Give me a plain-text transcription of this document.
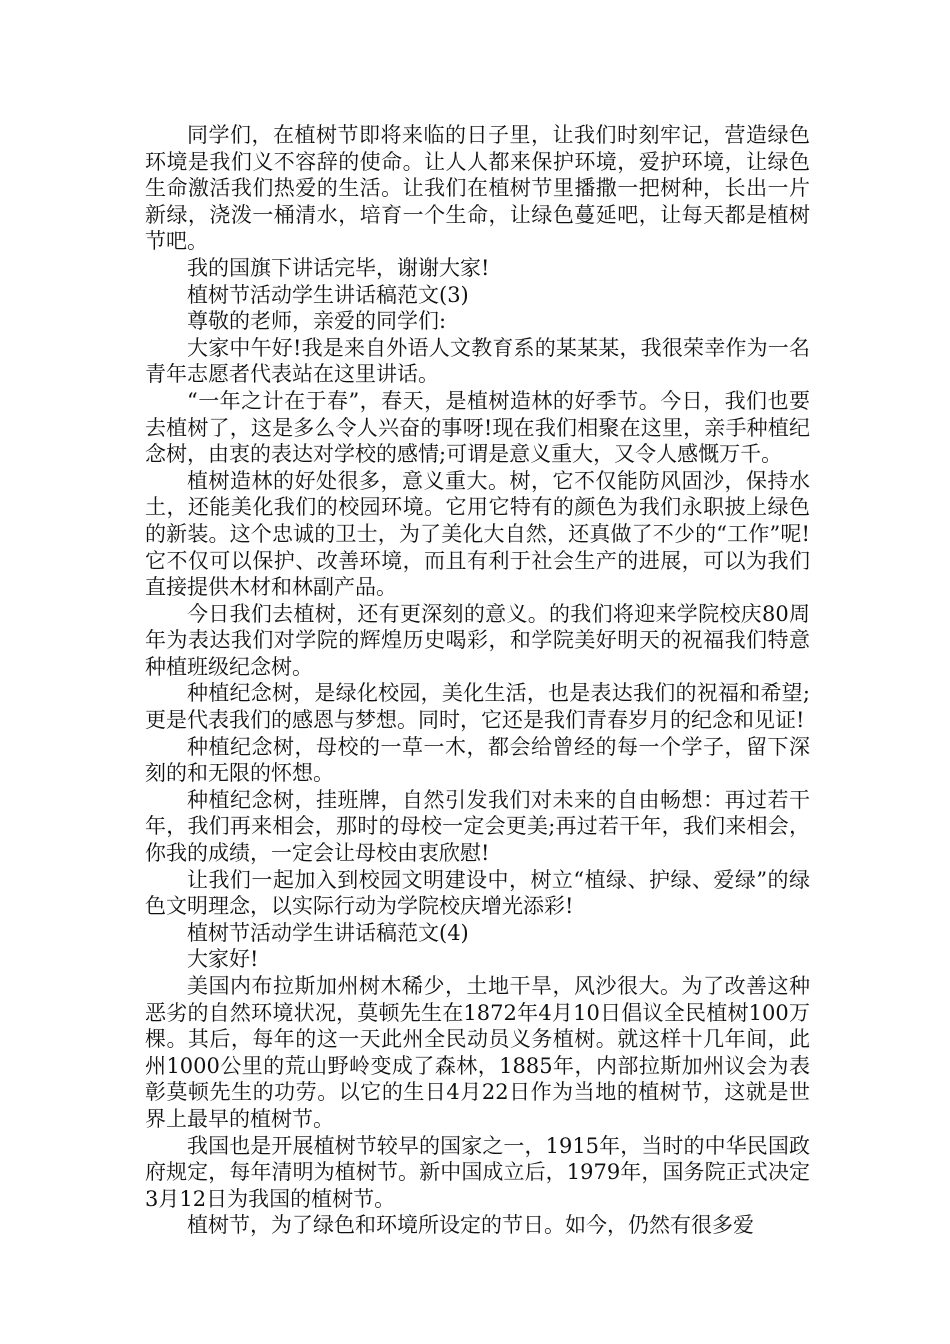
同学们，在植树节即将来临的日子里，让我们时刻牢记，营造绿色环境是我们义不容辞的使命。让人人都来保护环境，爱护环境，让绿色生命激活我们热爱的生活。让我们在植树节里播撒一把树种，长出一片新绿，浇泼一桶清水，培育一个生命，让绿色蔓延吧，让每天都是植树节吧。

我的国旗下讲话完毕，谢谢大家!

植树节活动学生讲话稿范文(3)

尊敬的老师，亲爱的同学们:

大家中午好!我是来自外语人文教育系的某某某，我很荣幸作为一名青年志愿者代表站在这里讲话。

“一年之计在于春”，春天，是植树造林的好季节。今日，我们也要去植树了，这是多么令人兴奋的事呀!现在我们相聚在这里，亲手种植纪念树，由衷的表达对学校的感情;可谓是意义重大，又令人感慨万千。

植树造林的好处很多，意义重大。树，它不仅能防风固沙，保持水土，还能美化我们的校园环境。它用它特有的颜色为我们永职披上绿色的新装。这个忠诚的卫士，为了美化大自然，还真做了不少的“工作”呢!它不仅可以保护、改善环境，而且有利于社会生产的进展，可以为我们直接提供木材和林副产品。

今日我们去植树，还有更深刻的意义。的我们将迎来学院校庆80周年为表达我们对学院的辉煌历史喝彩，和学院美好明天的祝福我们特意种植班级纪念树。

种植纪念树，是绿化校园，美化生活，也是表达我们的祝福和希望;更是代表我们的感恩与梦想。同时，它还是我们青春岁月的纪念和见证!

种植纪念树，母校的一草一木，都会给曾经的每一个学子，留下深刻的和无限的怀想。

种植纪念树，挂班牌，自然引发我们对未来的自由畅想：再过若干年，我们再来相会，那时的母校一定会更美;再过若干年，我们来相会，你我的成绩，一定会让母校由衷欣慰!

让我们一起加入到校园文明建设中，树立“植绿、护绿、爱绿”的绿色文明理念，以实际行动为学院校庆增光添彩!

植树节活动学生讲话稿范文(4)

大家好!

美国内布拉斯加州树木稀少，土地干旱，风沙很大。为了改善这种恶劣的自然环境状况，莫顿先生在1872年4月10日倡议全民植树100万棵。其后，每年的这一天此州全民动员义务植树。就这样十几年间，此州1000公里的荒山野岭变成了森林，1885年，内部拉斯加州议会为表彰莫顿先生的功劳。以它的生日4月22日作为当地的植树节，这就是世界上最早的植树节。

我国也是开展植树节较早的国家之一，1915年，当时的中华民国政府规定，每年清明为植树节。新中国成立后，1979年，国务院正式决定3月12日为我国的植树节。

植树节，为了绿色和环境所设定的节日。如今，仍然有很多爱
